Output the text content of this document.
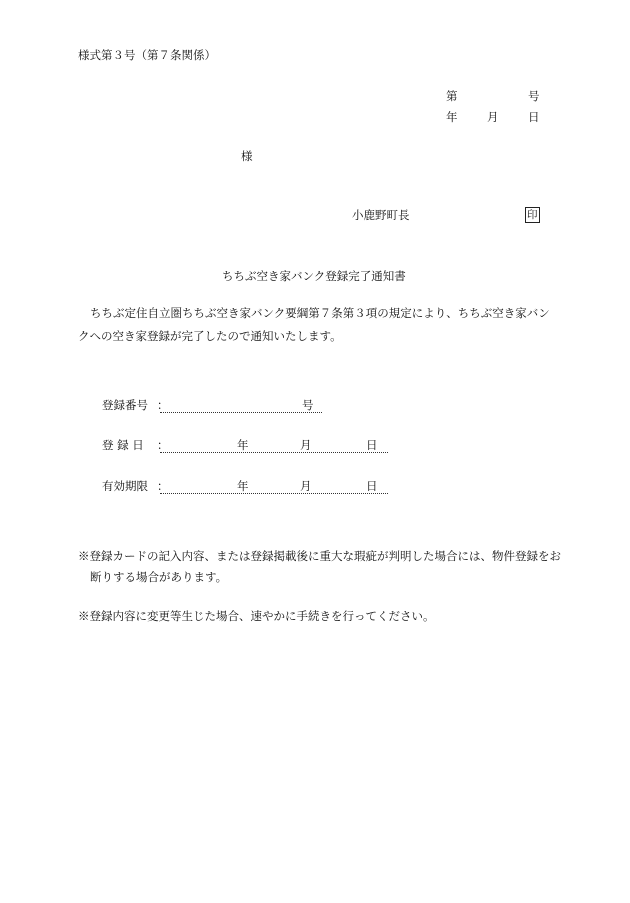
様式第３号（第７条関係）
第	号
年	月	日
様
小鹿野町長	印
ちちぶ空き家バンク登録完了通知書
ちちぶ定住自立圏ちちぶ空き家バンク要綱第７条第３項の規定により、ちちぶ空き家バンクへの空き家登録が完了したので通知いたします。
登録番号 ：	号
登 録 日 ：	年	月	日
有効期限 ：	年	月	日
※登録カードの記入内容、または登録掲載後に重大な瑕疵が判明した場合には、物件登録をお断りする場合があります。
※登録内容に変更等生じた場合、速やかに手続きを行ってください。
